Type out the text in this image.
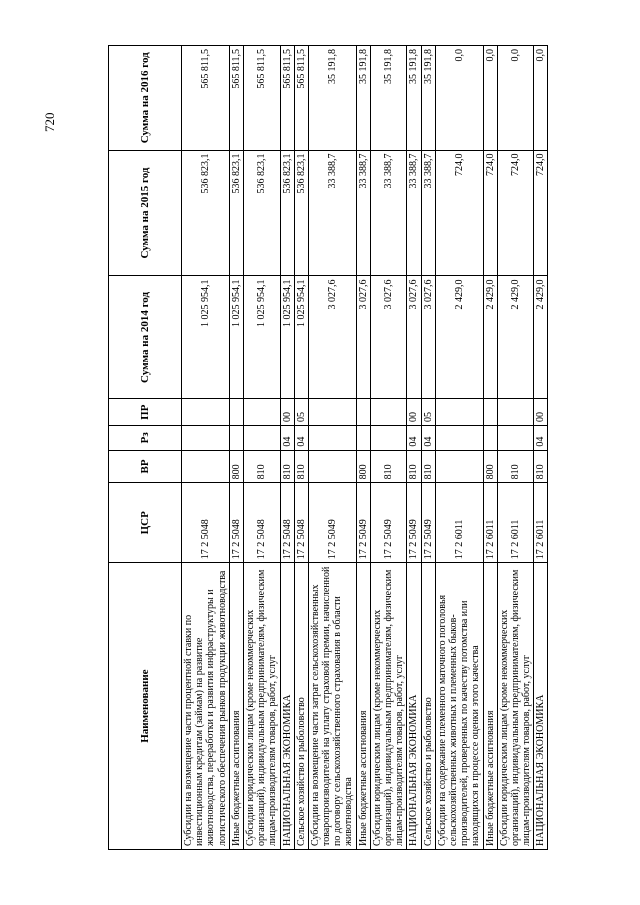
720
Наименование	ЦСР	ВР	Рз	ПР	Сумма на 2014 год	Сумма на 2015 год	Сумма на 2016 год
Субсидии на возмещение части процентной ставки по инвестиционным кредитам (займам) на развитие животноводства, переработки и развития инфраструктуры и логистического обеспечения рынков продукции животноводства	17 2 5048				1 025 954,1	536 823,1	565 811,5
Иные бюджетные ассигнования	17 2 5048	800			1 025 954,1	536 823,1	565 811,5
Субсидии юридическим лицам (кроме некоммерческих организаций), индивидуальным предпринимателям, физическим лицам-производителям товаров, работ, услуг	17 2 5048	810			1 025 954,1	536 823,1	565 811,5
НАЦИОНАЛЬНАЯ ЭКОНОМИКА	17 2 5048	810	04	00	1 025 954,1	536 823,1	565 811,5
Сельское хозяйство и рыболовство	17 2 5048	810	04	05	1 025 954,1	536 823,1	565 811,5
Субсидии на возмещение части затрат сельскохозяйственных товаропроизводителей на уплату страховой премии, начисленной по договору сельскохозяйственного страхования в области животноводства	17 2 5049				3 027,6	33 388,7	35 191,8
Иные бюджетные ассигнования	17 2 5049	800			3 027,6	33 388,7	35 191,8
Субсидии юридическим лицам (кроме некоммерческих организаций), индивидуальным предпринимателям, физическим лицам-производителям товаров, работ, услуг	17 2 5049	810			3 027,6	33 388,7	35 191,8
НАЦИОНАЛЬНАЯ ЭКОНОМИКА	17 2 5049	810	04	00	3 027,6	33 388,7	35 191,8
Сельское хозяйство и рыболовство	17 2 5049	810	04	05	3 027,6	33 388,7	35 191,8
Субсидии на содержание племенного маточного поголовья сельскохозяйственных животных и племенных быков-производителей, проверенных по качеству потомства или находящихся в процессе оценки этого качества	17 2 6011				2 429,0	724,0	0,0
Иные бюджетные ассигнования	17 2 6011	800			2 429,0	724,0	0,0
Субсидии юридическим лицам (кроме некоммерческих организаций), индивидуальным предпринимателям, физическим лицам-производителям товаров, работ, услуг	17 2 6011	810			2 429,0	724,0	0,0
НАЦИОНАЛЬНАЯ ЭКОНОМИКА	17 2 6011	810	04	00	2 429,0	724,0	0,0
